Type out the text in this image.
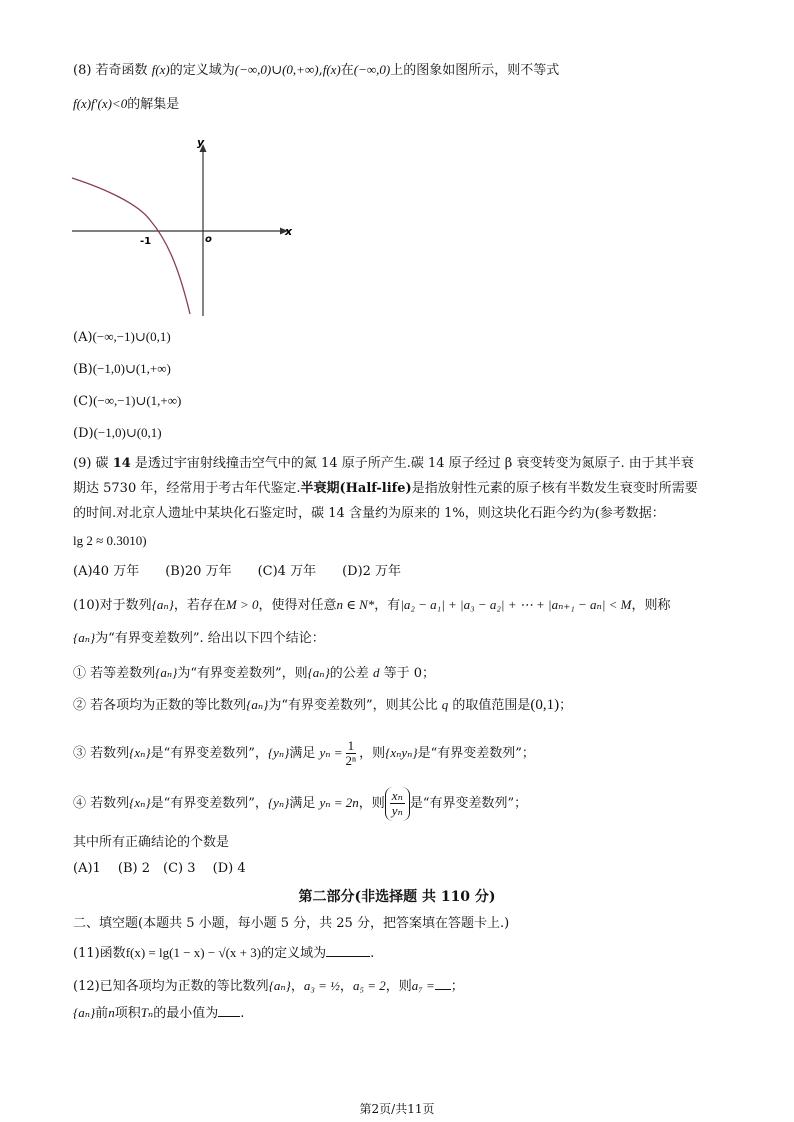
(8) 若奇函数 f(x)的定义域为(−∞,0)∪(0,+∞),f(x)在(−∞,0)上的图象如图所示，则不等式
f(x)f′(x)<0的解集是
y
x
o
-1
(A)(−∞,−1)∪(0,1)
(B)(−1,0)∪(1,+∞)
(C)(−∞,−1)∪(1,+∞)
(D)(−1,0)∪(0,1)
(9) 碳 14 是透过宇宙射线撞击空气中的氮 14 原子所产生.碳 14 原子经过 β 衰变转变为氮原子. 由于其半衰
期达 5730 年，经常用于考古年代鉴定.半衰期(Half-life)是指放射性元素的原子核有半数发生衰变时所需要
的时间.对北京人遗址中某块化石鉴定时，碳 14 含量约为原来的 1%，则这块化石距今约为(参考数据：
lg 2 ≈ 0.3010)
(A)40 万年　　(B)20 万年　　(C)4 万年　　(D)2 万年
(10)对于数列{aₙ}，若存在M > 0，使得对任意n ∈ N*，有|a₂ − a₁| + |a₃ − a₂| + ⋯ + |aₙ₊₁ − aₙ| < M，则称
{aₙ}为“有界变差数列”. 给出以下四个结论：
① 若等差数列{aₙ}为“有界变差数列”，则{aₙ}的公差 d 等于 0；
② 若各项均为正数的等比数列{aₙ}为“有界变差数列”，则其公比 q 的取值范围是(0,1)；
③ 若数列{xₙ}是“有界变差数列”，{yₙ}满足 $y_n = \frac{1}{\text{2ⁿ}}$ ，则{xₙyₙ}是“有界变差数列”；
④ 若数列{xₙ}是“有界变差数列”，{yₙ}满足 yₙ = 2n，则 $\frac{\text{xₙ}}{\text{yₙ}}$ 是“有界变差数列”；
其中所有正确结论的个数是
(A)1　 (B) 2　(C) 3　 (D) 4
第二部分(非选择题 共 110 分)
二、填空题(本题共 5 小题，每小题 5 分，共 25 分，把答案填在答题卡上.)
(11)函数f(x) = lg(1 − x) − √(x + 3)的定义域为	.
(12)已知各项均为正数的等比数列{aₙ}，a₃ = ½，a₅ = 2，则a₇ = ；
{aₙ}前n项积Tₙ的最小值为 .
第2页/共11页
